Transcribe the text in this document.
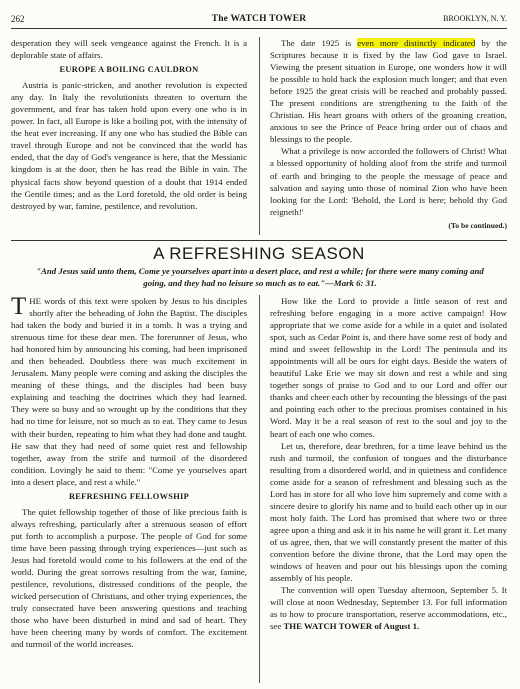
262	The WATCH TOWER	BROOKLYN, N. Y.

desperation they will seek vengeance against the French. It is a deplorable state of affairs.

EUROPE A BOILING CAULDRON

Austria is panic-stricken, and another revolution is expected any day. In Italy the revolutionists threaten to overturn the government, and fear has taken hold upon every one who is in power. In fact, all Europe is like a boiling pot, with the intensity of the heat ever increasing. If any one who has studied the Bible can travel through Europe and not be convinced that the world has ended, that the day of God's vengeance is here, that the Messianic kingdom is at the door, then he has read the Bible in vain. The physical facts show beyond question of a doubt that 1914 ended the Gentile times; and as the Lord foretold, the old order is being destroyed by war, famine, pestilence, and revolution.

The date 1925 is even more distinctly indicated by the Scriptures because it is fixed by the law God gave to Israel. Viewing the present situation in Europe, one wonders how it will be possible to hold back the explosion much longer; and that even before 1925 the great crisis will be reached and probably passed. The present conditions are strengthening to the faith of the Christian. His heart groans with others of the groaning creation, anxious to see the Prince of Peace bring order out of chaos and blessings to the people.

What a privilege is now accorded the followers of Christ! What a blessed opportunity of holding aloof from the strife and turmoil of earth and bringing to the people the message of peace and salvation and saying unto those of nominal Zion who have been looking for the Lord: 'Behold, the Lord is here; behold thy God reigneth!'

(To be continued.)
A REFRESHING SEASON
"And Jesus said unto them, Come ye yourselves apart into a desert place, and rest a while; for there were many coming and going, and they had no leisure so much as to eat."—Mark 6: 31.

THE words of this text were spoken by Jesus to his disciples shortly after the beheading of John the Baptist. The disciples had taken the body and buried it in a tomb. It was a trying and strenuous time for these dear men. The forerunner of Jesus, who had honored him by announcing his coming, had been imprisoned and then beheaded. Doubtless there was much excitement in Jerusalem. Many people were coming and asking the disciples the meaning of these things, and the disciples had been busy explaining and teaching the doctrines which they had learned. They were so busy and so wrought up by the conditions that they had no time for leisure, not so much as to eat. They came to Jesus with their burden, repeating to him what they had done and taught. He saw that they had need of some quiet rest and fellowship together, away from the strife and turmoil of the disordered condition. Lovingly he said to them: "Come ye yourselves apart into a desert place, and rest a while."

REFRESHING FELLOWSHIP

The quiet fellowship together of those of like precious faith is always refreshing, particularly after a strenuous season of effort put forth to accomplish a purpose. The people of God for some time have been passing through trying experiences—just such as Jesus had foretold would come to his followers at the end of the world. During the great sorrows resulting from the war, famine, pestilence, revolutions, distressed conditions of the people, the wicked persecution of Christians, and other trying experiences, the truly consecrated have been answering questions and teaching those who have been disturbed in mind and sad of heart. They have been cheering many by words of comfort. The excitement and turmoil of the world increases.

How like the Lord to provide a little season of rest and refreshing before engaging in a more active campaign! How appropriate that we come aside for a while in a quiet and isolated spot, such as Cedar Point is, and there have some rest of body and mind and sweet fellowship in the Lord! The peninsula and its appointments will all be ours for eight days. Beside the waters of beautiful Lake Erie we may sit down and rest a while and sing together songs of praise to God and to our Lord and offer our thanks and cheer each other by recounting the blessings of the past and pointing each other to the precious promises contained in his Word. May it be a real season of rest to the soul and joy to the heart of each one who comes.

Let us, therefore, dear brethren, for a time leave behind us the rush and turmoil, the confusion of tongues and the disturbance resulting from a disordered world, and in quietness and confidence come aside for a season of refreshment and blessing such as the Lord has in store for all who love him supremely and come with a sincere desire to glorify his name and to build each other up in our most holy faith. The Lord has promised that where two or three agree upon a thing and ask it in his name he will grant it. Let many of us agree, then, that we will constantly present the matter of this convention before the divine throne, that the Lord may open the windows of heaven and pour out his blessings upon the coming assembly of his people.

The convention will open Tuesday afternoon, September 5. It will close at noon Wednesday, September 13. For full information as to how to procure transportation, reserve accommodations, etc., see THE WATCH TOWER of August 1.
